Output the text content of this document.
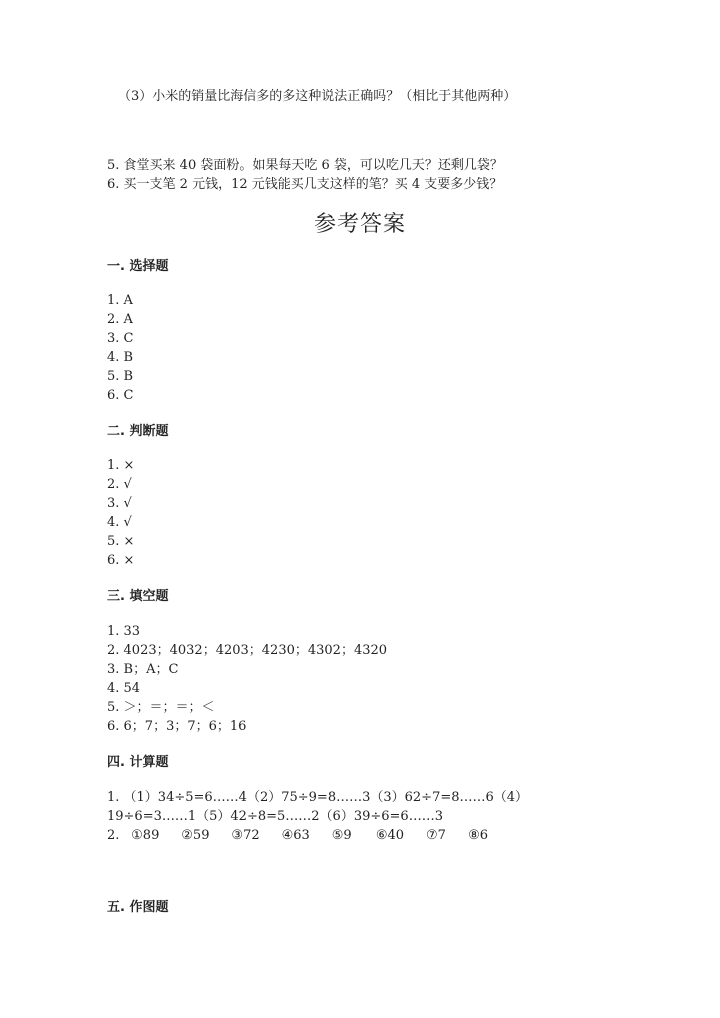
（3）小米的销量比海信多的多这种说法正确吗？（相比于其他两种）
5. 食堂买来 40 袋面粉。如果每天吃 6 袋，可以吃几天？还剩几袋？
6. 买一支笔 2 元钱，12 元钱能买几支这样的笔？买 4 支要多少钱？
参考答案
一. 选择题
1. A
2. A
3. C
4. B
5. B
6. C
二. 判断题
1. ×
2. √
3. √
4. √
5. ×
6. ×
三. 填空题
1. 33
2. 4023；4032；4203；4230；4302；4320
3. B；A；C
4. 54
5. ＞；＝；＝；＜
6. 6；7；3；7；6；16
四. 计算题
1. （1）34÷5=6……4（2）75÷9=8……3（3）62÷7=8……6（4）
19÷6=3……1（5）42÷8=5……2（6）39÷6=6……3
2. ①89 ②59 ③72 ④63 ⑤9 ⑥40 ⑦7 ⑧6
五. 作图题
